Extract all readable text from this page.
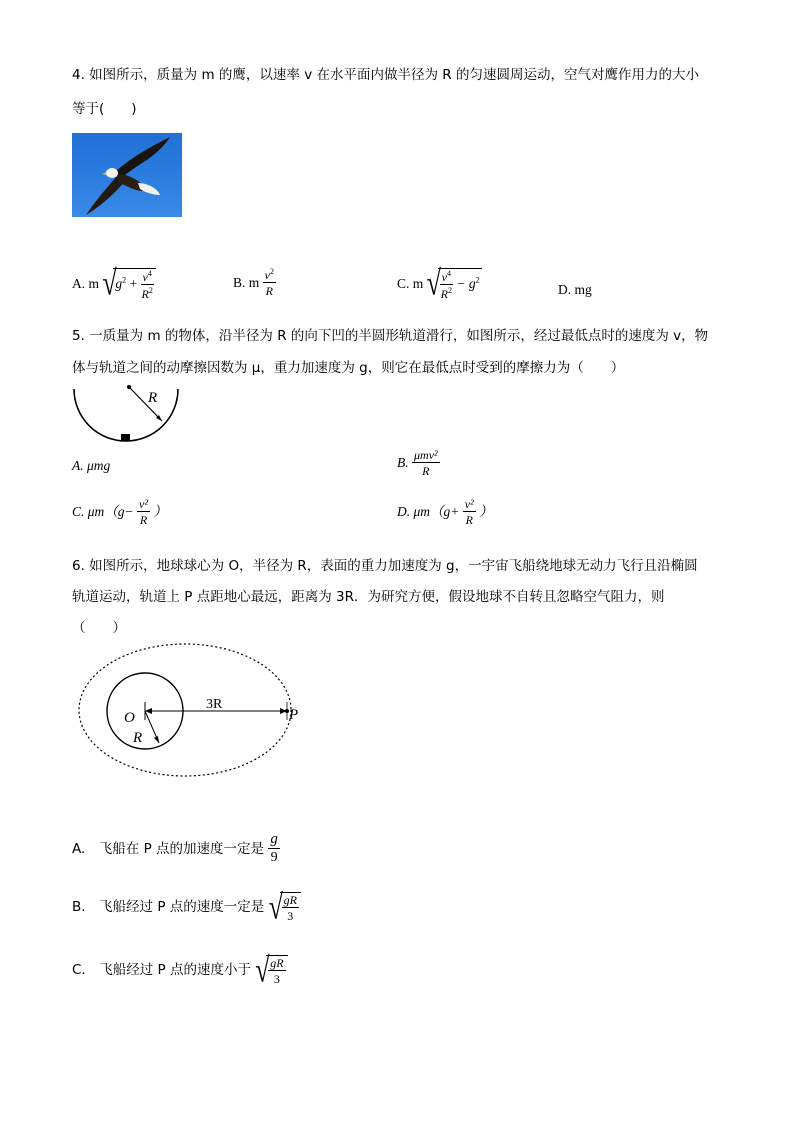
4. 如图所示，质量为 m 的鹰，以速率 v 在水平面内做半径为 R 的匀速圆周运动，空气对鹰作用力的大小
等于(　　)
A. m √
$g^2 + \frac{v^4}{R^2}$	B. m $\frac{v^2}{R}$	C. m √
$\frac{v^4}{R^2} - g^2$
D. mg
5. 一质量为 m 的物体，沿半径为 R 的向下凹的半圆形轨道滑行，如图所示，经过最低点时的速度为 v，物
体与轨道之间的动摩擦因数为 μ，重力加速度为 g，则它在最低点时受到的摩擦力为（　　）
R
A. μmg	B. $\frac{\text{μmv²}}{R}$
C. $\mu m(g- \frac{\text{v²}}{R}$ ）	D. $\mu m(g+ \frac{\text{v²}}{R}$ ）
6. 如图所示，地球球心为 O，半径为 R，表面的重力加速度为 g，一宇宙飞船绕地球无动力飞行且沿椭圆
轨道运动，轨道上 P 点距地心最远，距离为 3R．为研究方便，假设地球不自转且忽略空气阻力，则
（　　）
O	P
R
3R
A.　飞船在 P 点的加速度一定是 $\frac{g}{9}$
B.　飞船经过 P 点的速度一定是 √
$\frac{gR}{3}$
C.　飞船经过 P 点的速度小于 √
$\frac{gR}{3}$
